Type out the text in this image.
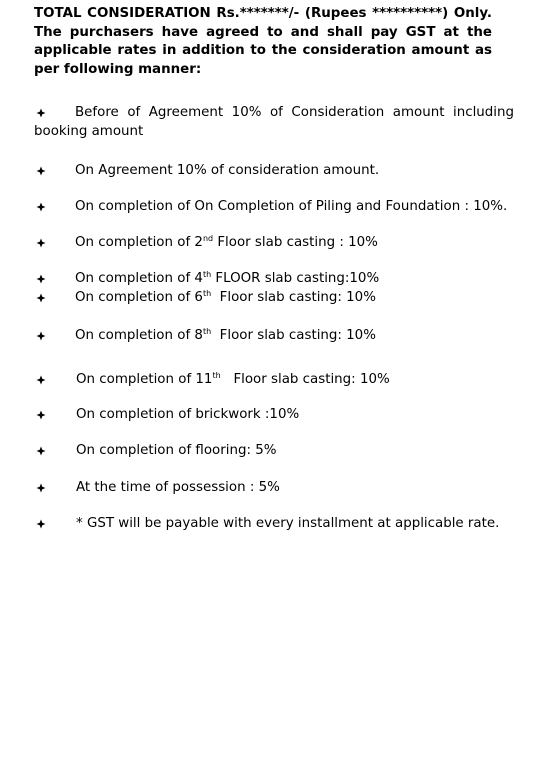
TOTAL CONSIDERATION Rs.*******/- (Rupees **********) Only. The purchasers have agreed to and shall pay GST at the applicable rates in addition to the consideration amount as per following manner:

Before of Agreement 10% of Consideration amount including booking amount
On Agreement 10% of consideration amount.
On completion of On Completion of Piling and Foundation : 10%.
On completion of 2nd Floor slab casting : 10%
On completion of 4th FLOOR slab casting:10%
On completion of 6th  Floor slab casting: 10%
On completion of 8th  Floor slab casting: 10%
On completion of 11th   Floor slab casting: 10%
On completion of brickwork :10%
On completion of flooring: 5%
At the time of possession : 5%
* GST will be payable with every installment at applicable rate.
